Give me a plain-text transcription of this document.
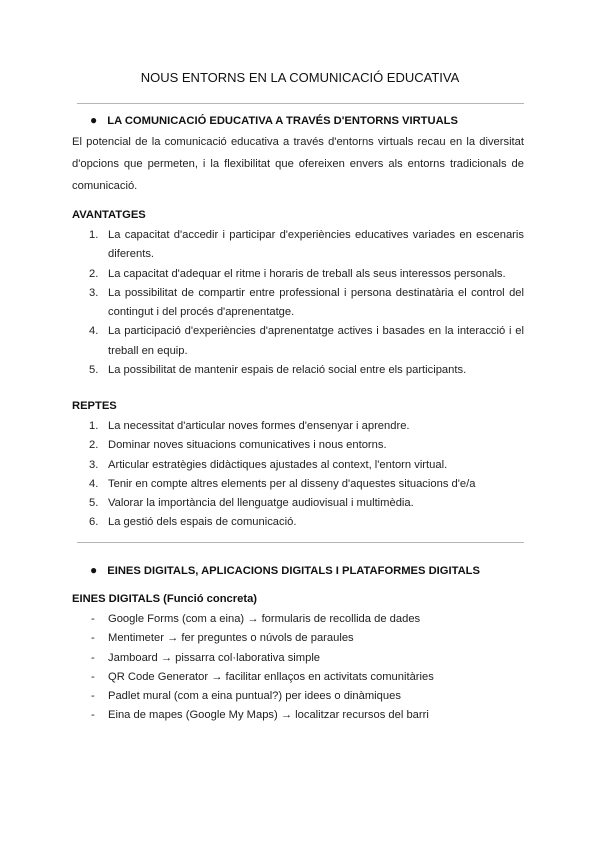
NOUS ENTORNS EN LA COMUNICACIÓ EDUCATIVA
● LA COMUNICACIÓ EDUCATIVA A TRAVÉS D'ENTORNS VIRTUALS
El potencial de la comunicació educativa a través d'entorns virtuals recau en la diversitat d'opcions que permeten, i la flexibilitat que ofereixen envers als entorns tradicionals de comunicació.
AVANTATGES
1. La capacitat d'accedir i participar d'experiències educatives variades en escenaris diferents.
2. La capacitat d'adequar el ritme i horaris de treball als seus interessos personals.
3. La possibilitat de compartir entre professional i persona destinatària el control del contingut i del procés d'aprenentatge.
4. La participació d'experiències d'aprenentatge actives i basades en la interacció i el treball en equip.
5. La possibilitat de mantenir espais de relació social entre els participants.
REPTES
1. La necessitat d'articular noves formes d'ensenyar i aprendre.
2. Dominar noves situacions comunicatives i nous entorns.
3. Articular estratègies didàctiques ajustades al context, l'entorn virtual.
4. Tenir en compte altres elements per al disseny d'aquestes situacions d'e/a
5. Valorar la importància del llenguatge audiovisual i multimèdia.
6. La gestió dels espais de comunicació.
● EINES DIGITALS, APLICACIONS DIGITALS I PLATAFORMES DIGITALS
EINES DIGITALS (Funció concreta)
- Google Forms (com a eina) → formularis de recollida de dades
- Mentimeter → fer preguntes o núvols de paraules
- Jamboard → pissarra col·laborativa simple
- QR Code Generator → facilitar enllaços en activitats comunitàries
- Padlet mural (com a eina puntual?) per idees o dinàmiques
- Eina de mapes (Google My Maps) → localitzar recursos del barri
